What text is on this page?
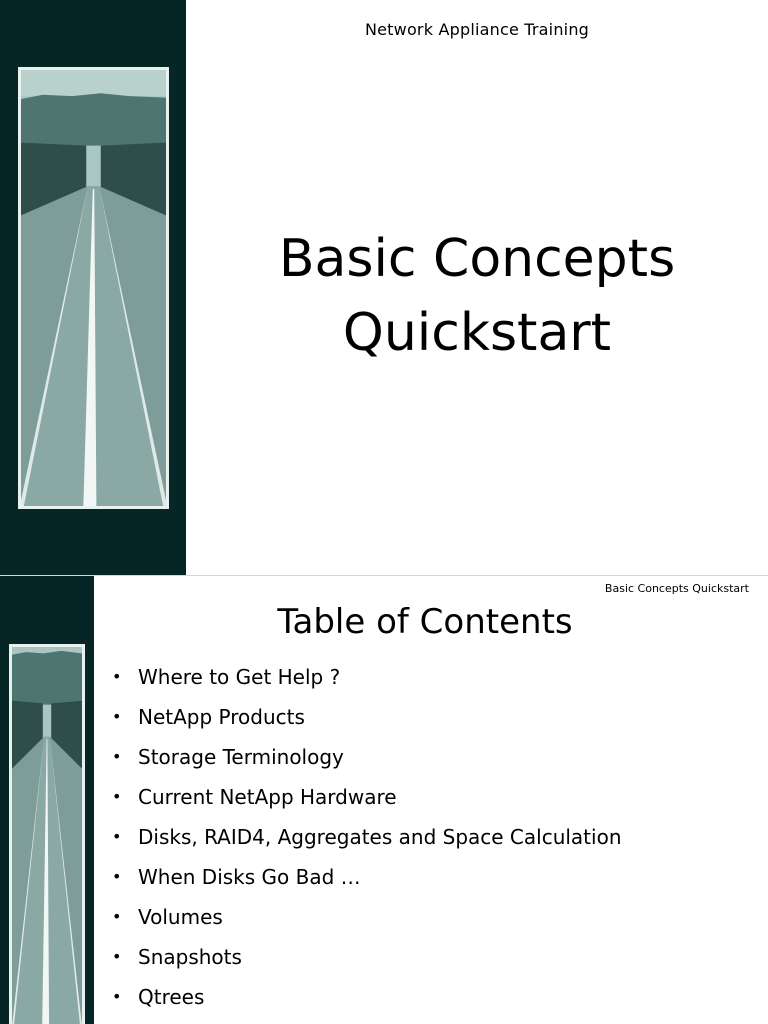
Network Appliance Training
Basic Concepts
Quickstart
Basic Concepts Quickstart
Table of Contents
• Where to Get Help ?
• NetApp Products
• Storage Terminology
• Current NetApp Hardware
• Disks, RAID4, Aggregates and Space Calculation
• When Disks Go Bad …
• Volumes
• Snapshots
• Qtrees
